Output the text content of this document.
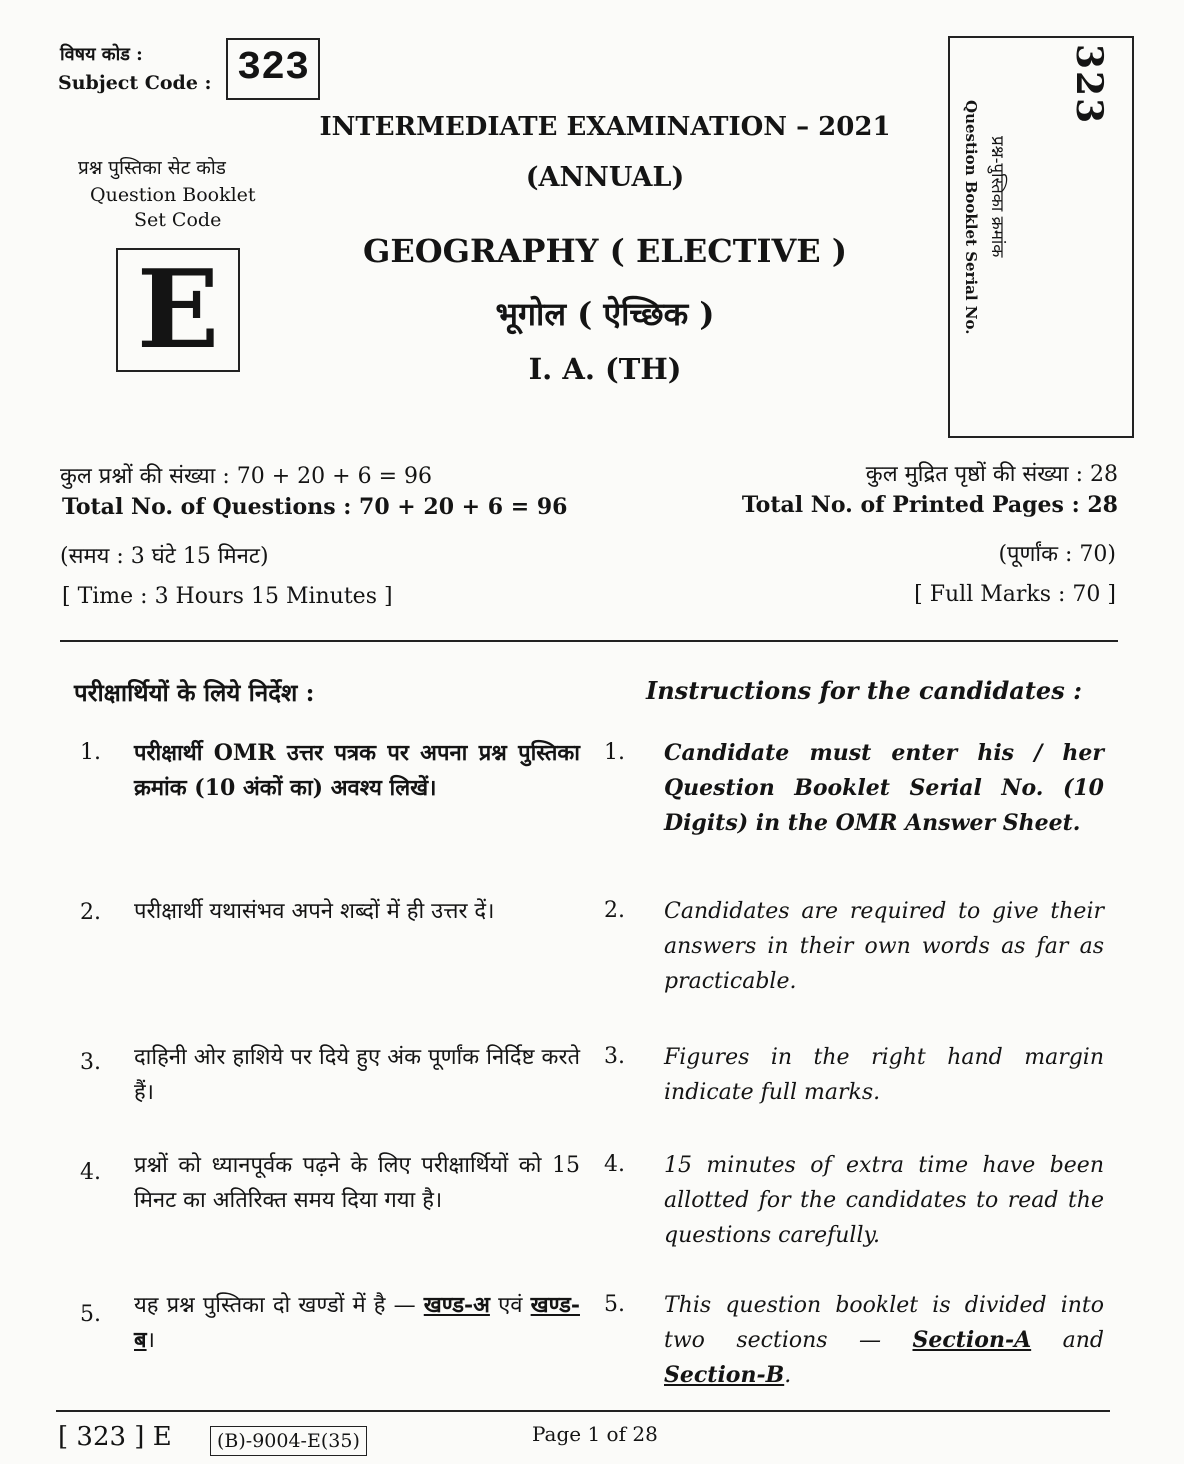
विषय कोड :
Subject Code : 323
प्रश्न पुस्तिका सेट कोड
Question Booklet
Set Code
E
INTERMEDIATE EXAMINATION – 2021
(ANNUAL)
GEOGRAPHY ( ELECTIVE )
भूगोल ( ऐच्छिक )
I. A. (TH)
323
प्रश्न-पुस्तिका क्रमांक
Question Booklet Serial No.
कुल प्रश्नों की संख्या : 70 + 20 + 6 = 96
Total No. of Questions : 70 + 20 + 6 = 96
कुल मुद्रित पृष्ठों की संख्या : 28
Total No. of Printed Pages : 28
(समय : 3 घंटे 15 मिनट)
[ Time : 3 Hours 15 Minutes ]
(पूर्णांक : 70)
[ Full Marks : 70 ]
परीक्षार्थियों के लिये निर्देश :	Instructions for the candidates :
1. परीक्षार्थी OMR उत्तर पत्रक पर अपना प्रश्न पुस्तिका क्रमांक (10 अंकों का) अवश्य लिखें।
1. Candidate must enter his / her Question Booklet Serial No. (10 Digits) in the OMR Answer Sheet.
2. परीक्षार्थी यथासंभव अपने शब्दों में ही उत्तर दें।	2. Candidates are required to give their answers in their own words as far as practicable.
3. दाहिनी ओर हाशिये पर दिये हुए अंक पूर्णांक निर्दिष्ट करते हैं।
3. Figures in the right hand margin indicate full marks.
4. प्रश्नों को ध्यानपूर्वक पढ़ने के लिए परीक्षार्थियों को 15 मिनट का अतिरिक्त समय दिया गया है।
4. 15 minutes of extra time have been allotted for the candidates to read the questions carefully.
5. यह प्रश्न पुस्तिका दो खण्डों में है — खण्ड-अ एवं खण्ड-ब।
5. This question booklet is divided into two sections — Section-A and Section-B.
[ 323 ] E	(B)-9004-E(35)	Page 1 of 28
